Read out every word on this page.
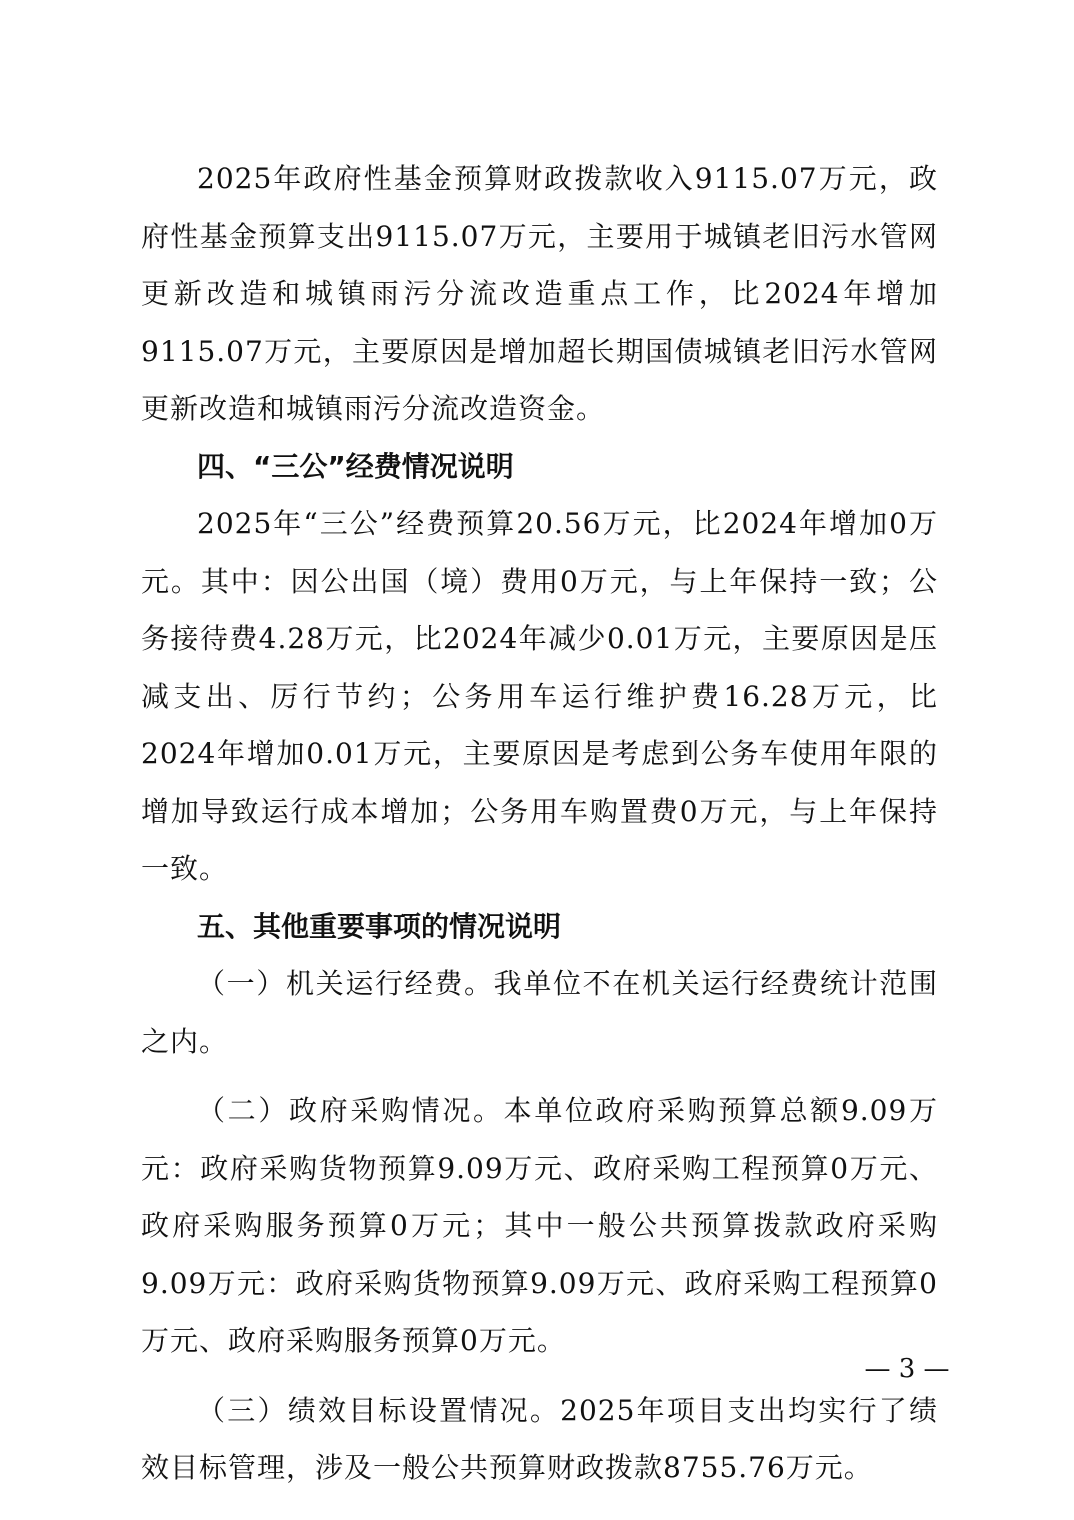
2025年政府性基金预算财政拨款收入9115.07万元，政府性基金预算支出9115.07万元，主要用于城镇老旧污水管网更新改造和城镇雨污分流改造重点工作，比2024年增加9115.07万元，主要原因是增加超长期国债城镇老旧污水管网更新改造和城镇雨污分流改造资金。

四、“三公”经费情况说明

2025年“三公”经费预算20.56万元，比2024年增加0万元。其中：因公出国（境）费用0万元，与上年保持一致；公务接待费4.28万元，比2024年减少0.01万元，主要原因是压减支出、厉行节约；公务用车运行维护费16.28万元，比2024年增加0.01万元，主要原因是考虑到公务车使用年限的增加导致运行成本增加；公务用车购置费0万元，与上年保持一致。

五、其他重要事项的情况说明

（一）机关运行经费。我单位不在机关运行经费统计范围之内。

（二）政府采购情况。本单位政府采购预算总额9.09万元：政府采购货物预算9.09万元、政府采购工程预算0万元、政府采购服务预算0万元；其中一般公共预算拨款政府采购9.09万元：政府采购货物预算9.09万元、政府采购工程预算0万元、政府采购服务预算0万元。

（三）绩效目标设置情况。2025年项目支出均实行了绩效目标管理，涉及一般公共预算财政拨款8755.76万元。

— 3 —
